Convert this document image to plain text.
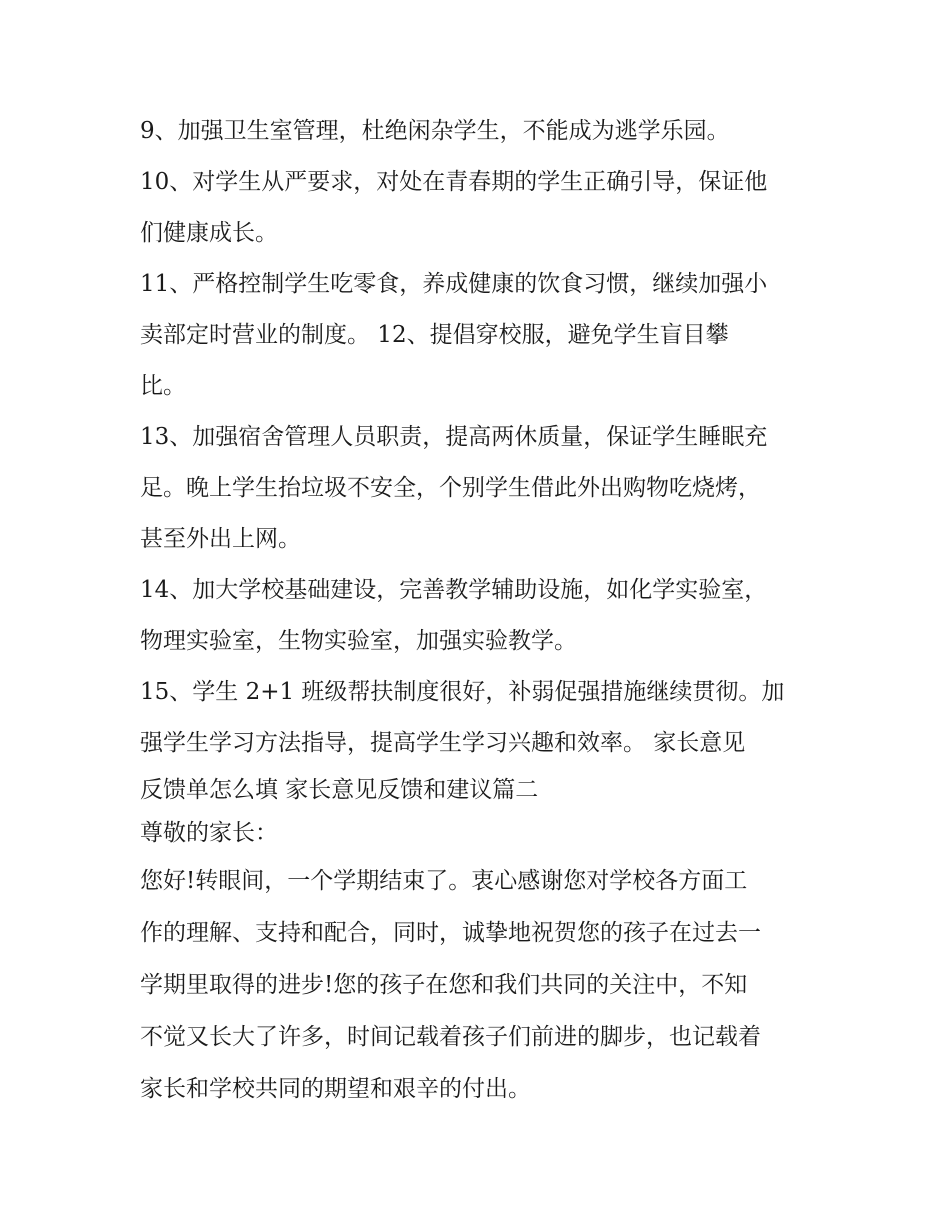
9、加强卫生室管理，杜绝闲杂学生，不能成为逃学乐园。

10、对学生从严要求，对处在青春期的学生正确引导，保证他
们健康成长。

11、严格控制学生吃零食，养成健康的饮食习惯，继续加强小
卖部定时营业的制度。 12、提倡穿校服，避免学生盲目攀
比。

13、加强宿舍管理人员职责，提高两休质量，保证学生睡眠充
足。晚上学生抬垃圾不安全，个别学生借此外出购物吃烧烤，
甚至外出上网。

14、加大学校基础建设，完善教学辅助设施，如化学实验室，
物理实验室，生物实验室，加强实验教学。

15、学生 2+1 班级帮扶制度很好，补弱促强措施继续贯彻。加
强学生学习方法指导，提高学生学习兴趣和效率。 家长意见
反馈单怎么填 家长意见反馈和建议篇二

尊敬的家长：

您好!转眼间，一个学期结束了。衷心感谢您对学校各方面工
作的理解、支持和配合，同时，诚挚地祝贺您的孩子在过去一
学期里取得的进步!您的孩子在您和我们共同的关注中，不知
不觉又长大了许多，时间记载着孩子们前进的脚步，也记载着
家长和学校共同的期望和艰辛的付出。
